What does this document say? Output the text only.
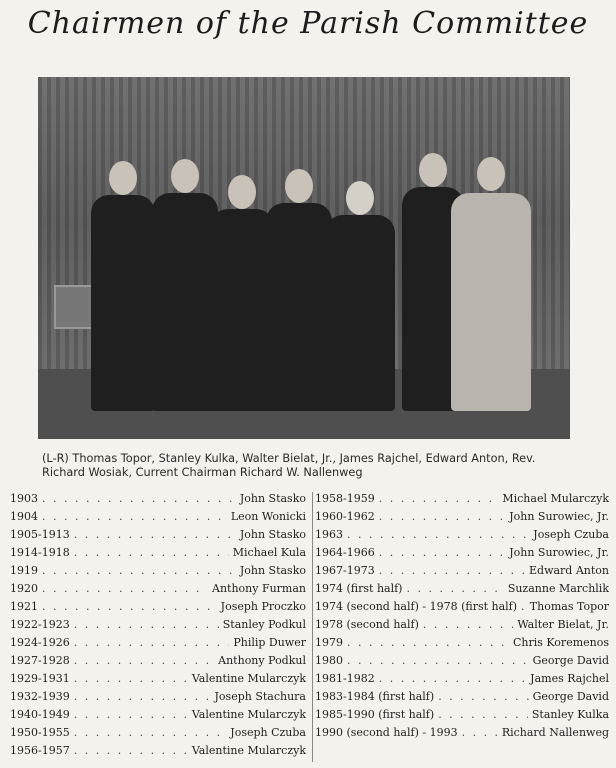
Chairmen of the Parish Committee
(L-R) Thomas Topor, Stanley Kulka, Walter Bielat, Jr., James Rajchel, Edward Anton, Rev. Richard Wosiak, Current Chairman Richard W. Nallenweg
1903 . . .	John Stasko
1904 . . .	Leon Wonicki
1905-1913 . . .	John Stasko
1914-1918 . . .	Michael Kula
1919 . . .	John Stasko
1920 . . .	Anthony Furman
1921 . . .	Joseph Proczko
1922-1923 . . .	Stanley Podkul
1924-1926 . . .	Philip Duwer
1927-1928 . . .	Anthony Podkul
1929-1931 . . .	Valentine Mularczyk
1932-1939 . . .	Joseph Stachura
1940-1949 . . .	Valentine Mularczyk
1950-1955 . . .	Joseph Czuba
1956-1957 . . .	Valentine Mularczyk
1958-1959 . . .	Michael Mularczyk
1960-1962 . . .	John Surowiec, Jr.
1963 . . .	Joseph Czuba
1964-1966 . . .	John Surowiec, Jr.
1967-1973 . . .	Edward Anton
1974 (first half) . . .	Suzanne Marchlik
1974 (second half) - 1978 (first half) . . . Thomas Topor
1978 (second half) . . .	Walter Bielat, Jr.
1979 . . .	Chris Koremenos
1980 . . .	George David
1981-1982 . . .	James Rajchel
1983-1984 (first half) . . .	George David
1985-1990 (first half) . . .	Stanley Kulka
1990 (second half) - 1993 . . .	Richard Nallenweg
